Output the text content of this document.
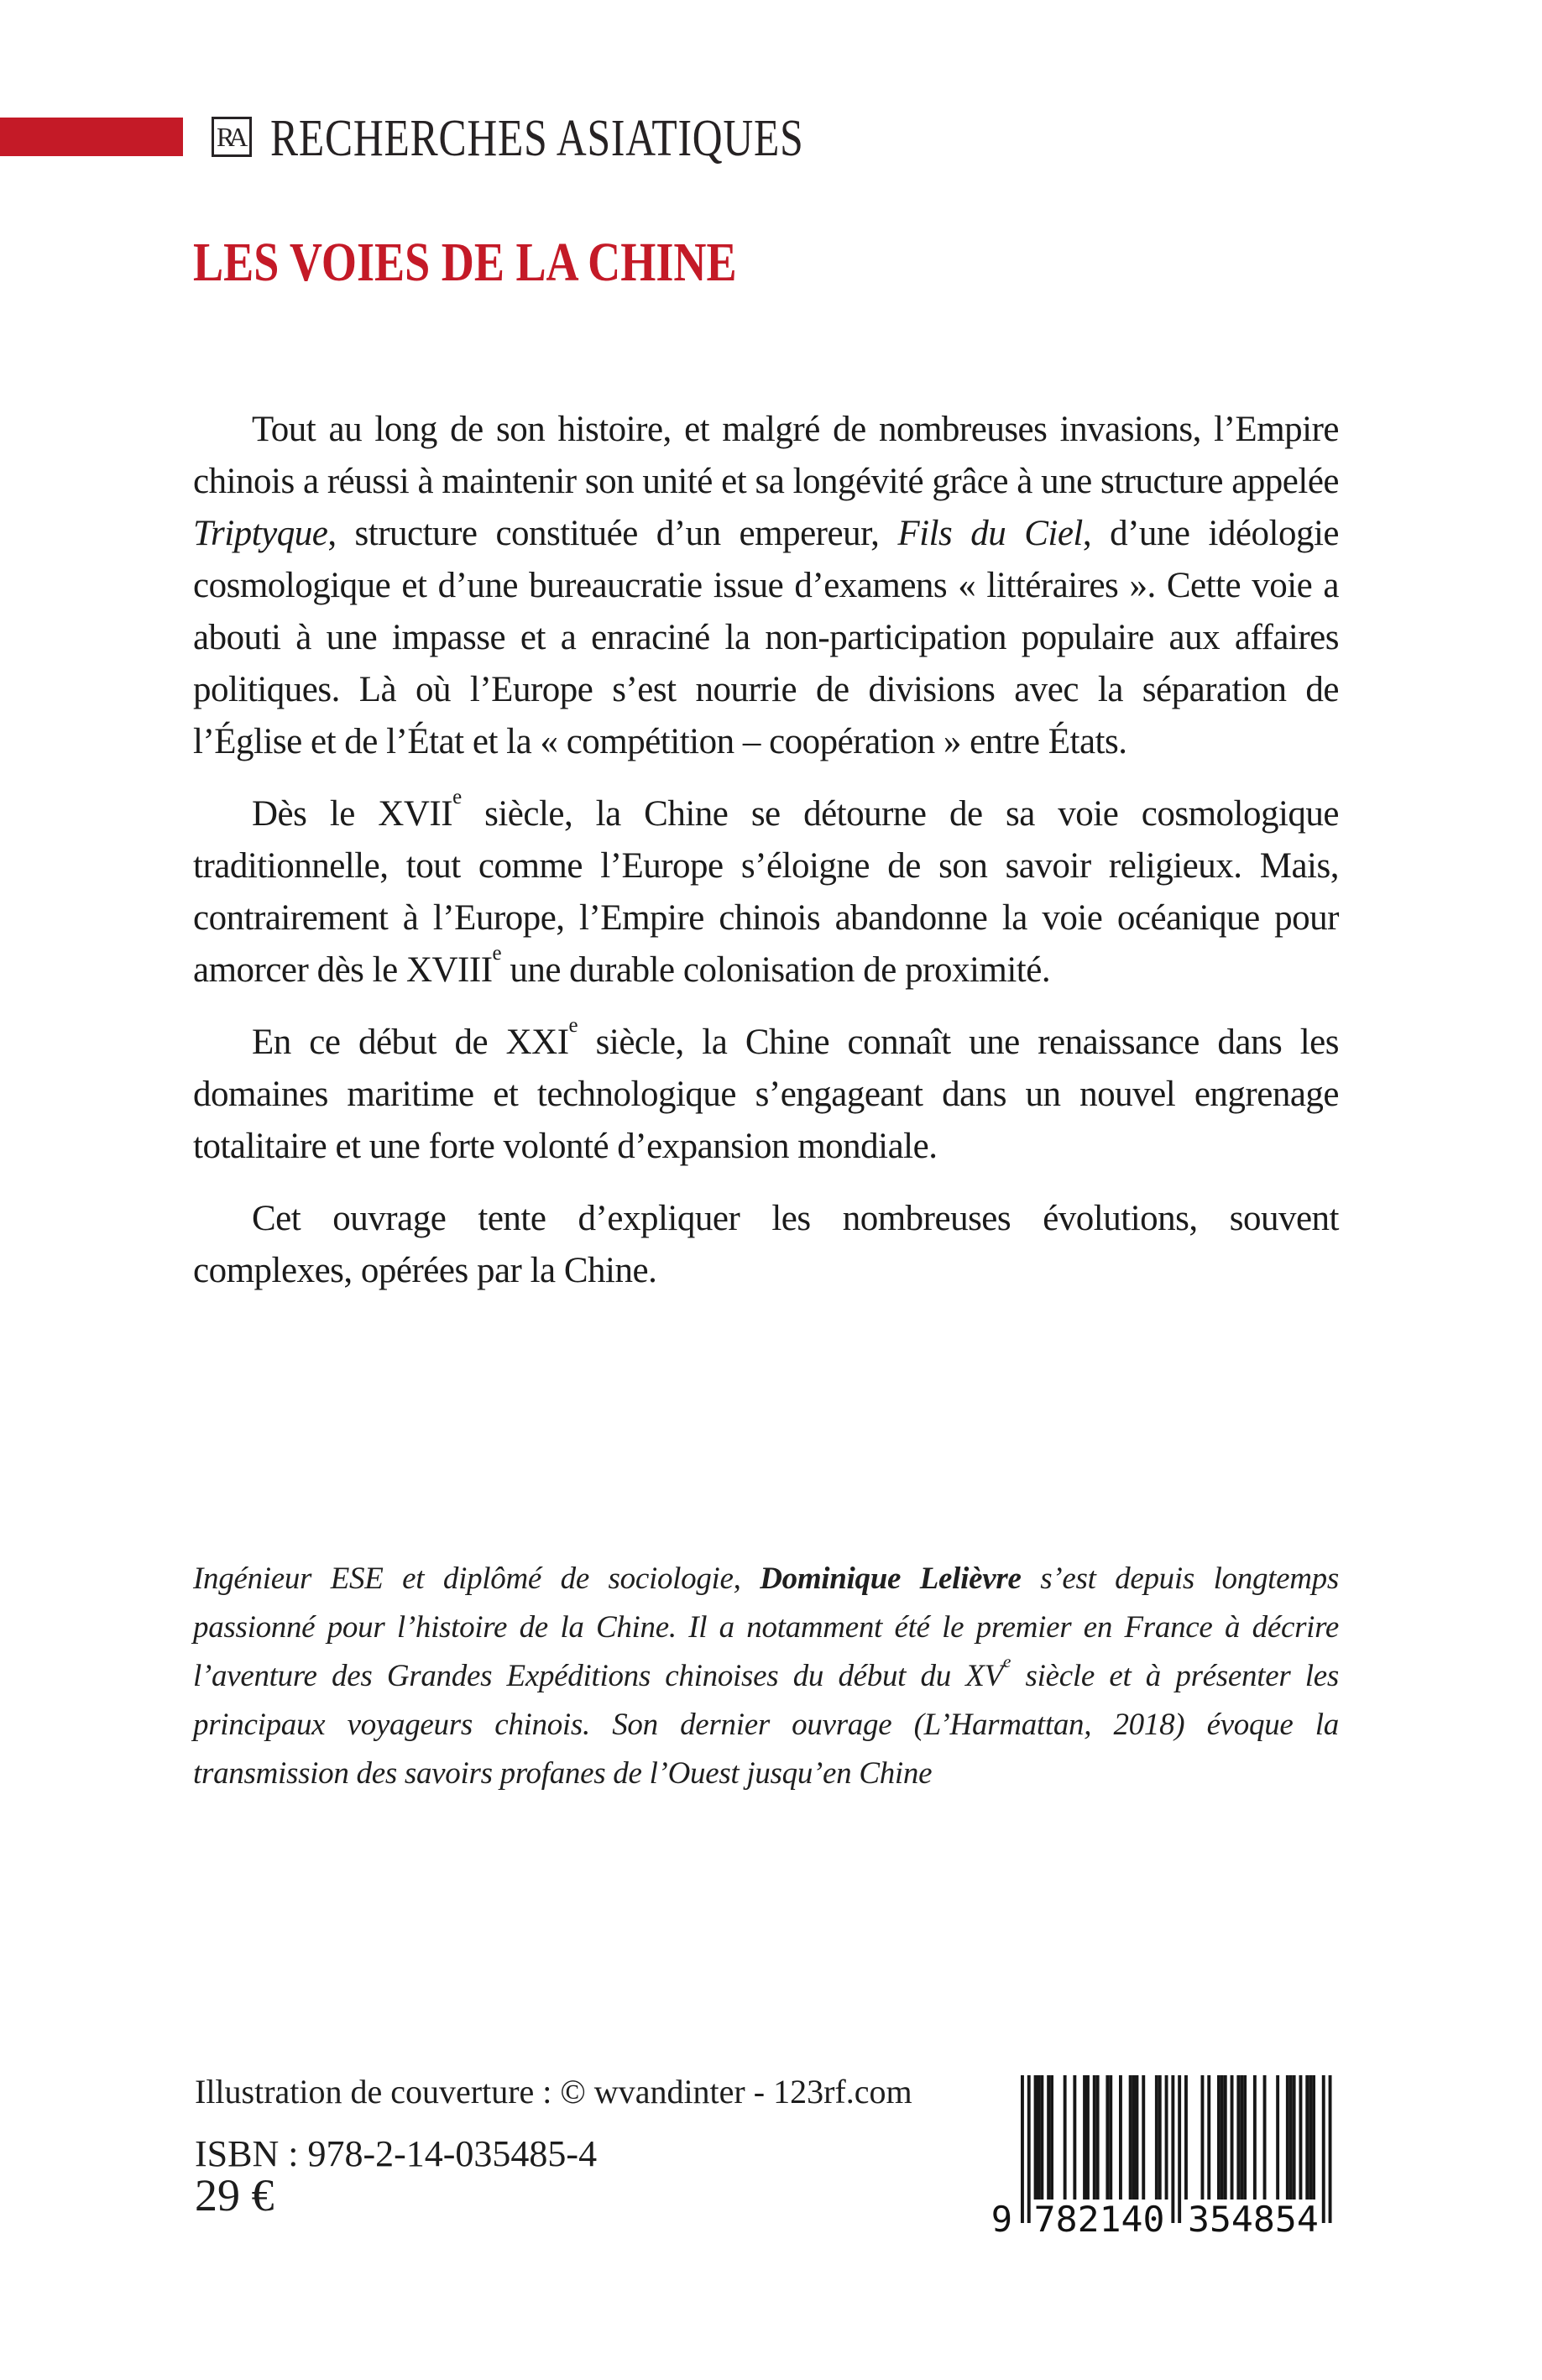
RA RECHERCHES ASIATIQUES
LES VOIES DE LA CHINE

Tout au long de son histoire, et malgré de nombreuses invasions, l’Empire chinois a réussi à maintenir son unité et sa longévité grâce à une structure appelée Triptyque, structure constituée d’un empereur, Fils du Ciel, d’une idéologie cosmologique et d’une bureaucratie issue d’examens « littéraires ». Cette voie a abouti à une impasse et a enraciné la non-participation populaire aux affaires politiques. Là où l’Europe s’est nourrie de divisions avec la séparation de l’Église et de l’État et la « compétition – coopération » entre États.

Dès le XVIIe siècle, la Chine se détourne de sa voie cosmologique traditionnelle, tout comme l’Europe s’éloigne de son savoir religieux. Mais, contrairement à l’Europe, l’Empire chinois abandonne la voie océanique pour amorcer dès le XVIIIe une durable colonisation de proximité.

En ce début de XXIe siècle, la Chine connaît une renaissance dans les domaines maritime et technologique s’engageant dans un nouvel engrenage totalitaire et une forte volonté d’expansion mondiale.

Cet ouvrage tente d’expliquer les nombreuses évolutions, souvent complexes, opérées par la Chine.

Ingénieur ESE et diplômé de sociologie, Dominique Lelièvre s’est depuis longtemps passionné pour l’histoire de la Chine. Il a notamment été le premier en France à décrire l’aventure des Grandes Expéditions chinoises du début du XVe siècle et à présenter les principaux voyageurs chinois. Son dernier ouvrage (L’Harmattan, 2018) évoque la transmission des savoirs profanes de l’Ouest jusqu’en Chine
Illustration de couverture : © wvandinter - 123rf.com
ISBN : 978-2-14-035485-4
29 €	9 782140 354854
